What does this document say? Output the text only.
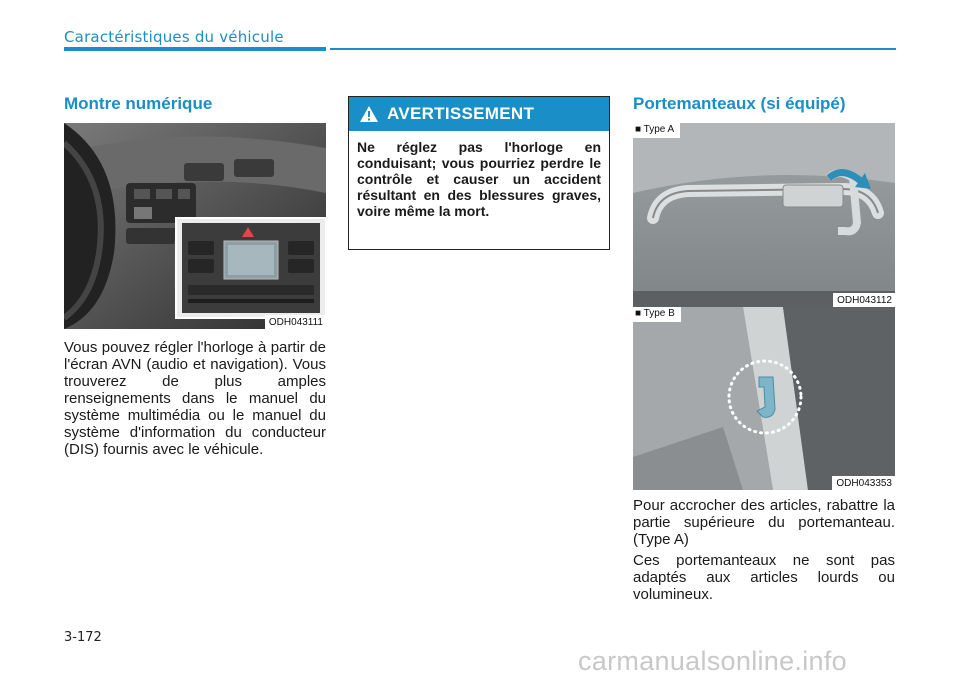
Caractéristiques du véhicule
Montre numérique
ODH043111

Vous pouvez régler l'horloge à partir de l'écran AVN (audio et navigation). Vous trouverez de plus amples renseignements dans le manuel du système multimédia ou le manuel du système d'information du conducteur (DIS) fournis avec le véhicule.

AVERTISSEMENT
Ne réglez pas l'horloge en conduisant; vous pourriez perdre le contrôle et causer un accident résultant en des blessures graves, voire même la mort.
Portemanteaux (si équipé)
■ Type A
ODH043112
■ Type B
ODH043353

Pour accrocher des articles, rabattre la partie supérieure du portemanteau. (Type A)

Ces portemanteaux ne sont pas adaptés aux articles lourds ou volumineux.

3-172
carmanualsonline.info
